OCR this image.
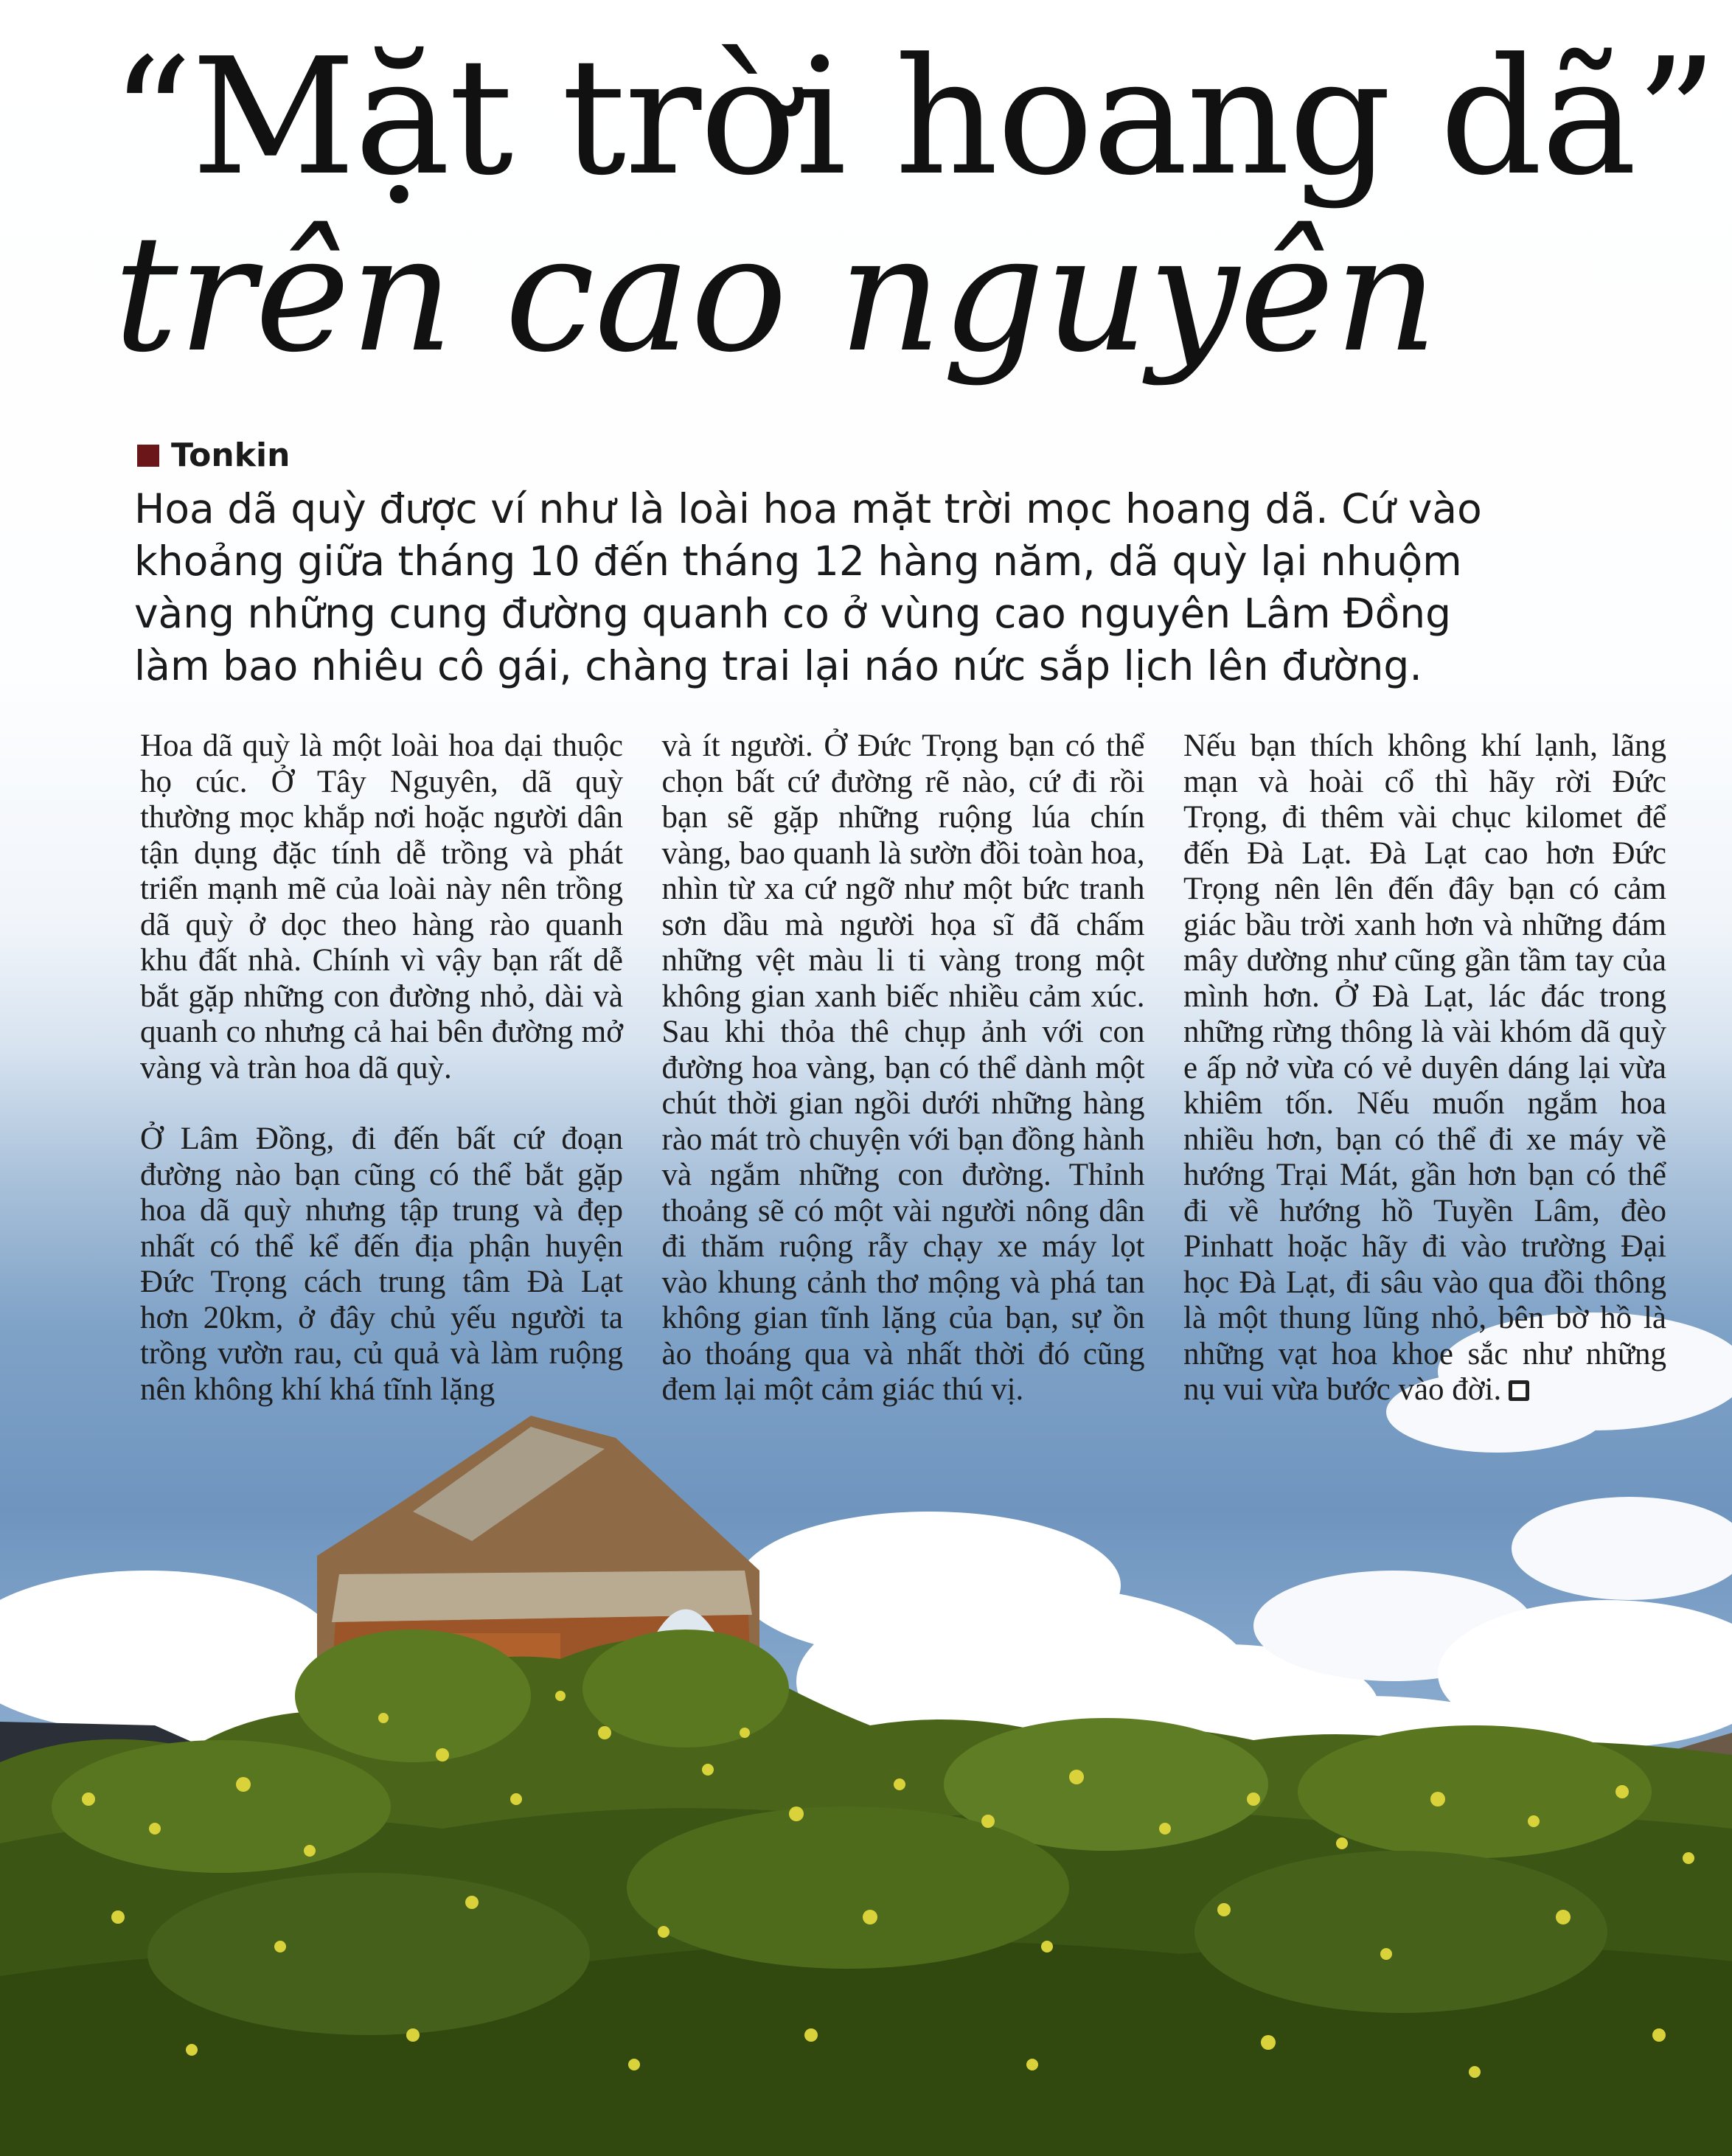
“Mặt trời hoang dã”
trên cao nguyên
Tonkin

Hoa dã quỳ được ví như là loài hoa mặt trời mọc hoang dã. Cứ vào khoảng giữa tháng 10 đến tháng 12 hàng năm, dã quỳ lại nhuộm vàng những cung đường quanh co ở vùng cao nguyên Lâm Đồng làm bao nhiêu cô gái, chàng trai lại náo nức sắp lịch lên đường.

Hoa dã quỳ là một loài hoa dại thuộc họ cúc. Ở Tây Nguyên, dã quỳ thường mọc khắp nơi hoặc người dân tận dụng đặc tính dễ trồng và phát triển mạnh mẽ của loài này nên trồng dã quỳ ở dọc theo hàng rào quanh khu đất nhà. Chính vì vậy bạn rất dễ bắt gặp những con đường nhỏ, dài và quanh co nhưng cả hai bên đường mở vàng và tràn hoa dã quỳ.

Ở Lâm Đồng, đi đến bất cứ đoạn đường nào bạn cũng có thể bắt gặp hoa dã quỳ nhưng tập trung và đẹp nhất có thể kể đến địa phận huyện Đức Trọng cách trung tâm Đà Lạt hơn 20km, ở đây chủ yếu người ta trồng vườn rau, củ quả và làm ruộng nên không khí khá tĩnh lặng

và ít người. Ở Đức Trọng bạn có thể chọn bất cứ đường rẽ nào, cứ đi rồi bạn sẽ gặp những ruộng lúa chín vàng, bao quanh là sườn đồi toàn hoa, nhìn từ xa cứ ngỡ như một bức tranh sơn dầu mà người họa sĩ đã chấm những vệt màu li ti vàng trong một không gian xanh biếc nhiều cảm xúc. Sau khi thỏa thê chụp ảnh với con đường hoa vàng, bạn có thể dành một chút thời gian ngồi dưới những hàng rào mát trò chuyện với bạn đồng hành và ngắm những con đường. Thỉnh thoảng sẽ có một vài người nông dân đi thăm ruộng rẫy chạy xe máy lọt vào khung cảnh thơ mộng và phá tan không gian tĩnh lặng của bạn, sự ồn ào thoáng qua và nhất thời đó cũng đem lại một cảm giác thú vị.

Nếu bạn thích không khí lạnh, lãng mạn và hoài cổ thì hãy rời Đức Trọng, đi thêm vài chục kilomet để đến Đà Lạt. Đà Lạt cao hơn Đức Trọng nên lên đến đây bạn có cảm giác bầu trời xanh hơn và những đám mây dường như cũng gần tầm tay của mình hơn. Ở Đà Lạt, lác đác trong những rừng thông là vài khóm dã quỳ e ấp nở vừa có vẻ duyên dáng lại vừa khiêm tốn. Nếu muốn ngắm hoa nhiều hơn, bạn có thể đi xe máy về hướng Trại Mát, gần hơn bạn có thể đi về hướng hồ Tuyền Lâm, đèo Pinhatt hoặc hãy đi vào trường Đại học Đà Lạt, đi sâu vào qua đồi thông là một thung lũng nhỏ, bên bờ hồ là những vạt hoa khoe sắc như những nụ vui vừa bước vào đời.
